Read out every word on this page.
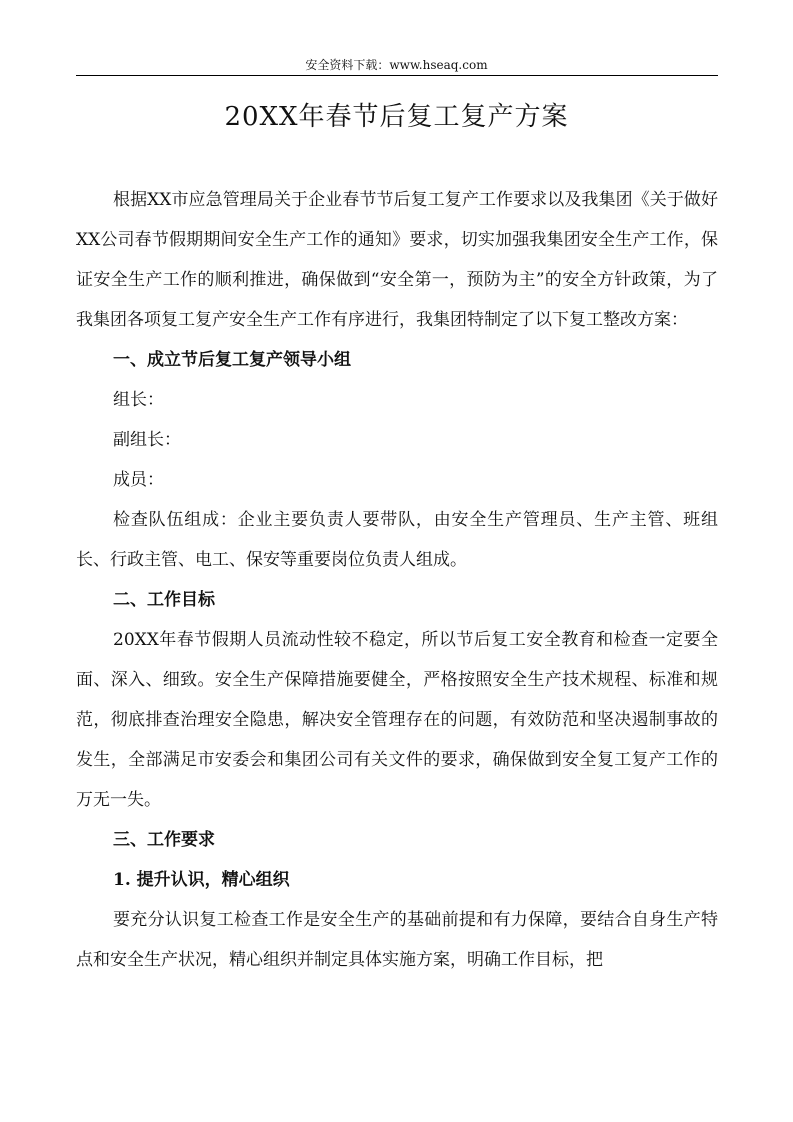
安全资料下载：www.hseaq.com
20XX年春节后复工复产方案

根据XX市应急管理局关于企业春节节后复工复产工作要求以及我集团《关于做好XX公司春节假期期间安全生产工作的通知》要求，切实加强我集团安全生产工作，保证安全生产工作的顺利推进，确保做到“安全第一，预防为主”的安全方针政策，为了我集团各项复工复产安全生产工作有序进行，我集团特制定了以下复工整改方案：

一、成立节后复工复产领导小组

组长：

副组长：

成员：

检查队伍组成：企业主要负责人要带队，由安全生产管理员、生产主管、班组长、行政主管、电工、保安等重要岗位负责人组成。

二、工作目标

20XX年春节假期人员流动性较不稳定，所以节后复工安全教育和检查一定要全面、深入、细致。安全生产保障措施要健全，严格按照安全生产技术规程、标准和规范，彻底排查治理安全隐患，解决安全管理存在的问题，有效防范和坚决遏制事故的发生，全部满足市安委会和集团公司有关文件的要求，确保做到安全复工复产工作的万无一失。

三、工作要求

1. 提升认识，精心组织

要充分认识复工检查工作是安全生产的基础前提和有力保障，要结合自身生产特点和安全生产状况，精心组织并制定具体实施方案，明确工作目标，把
